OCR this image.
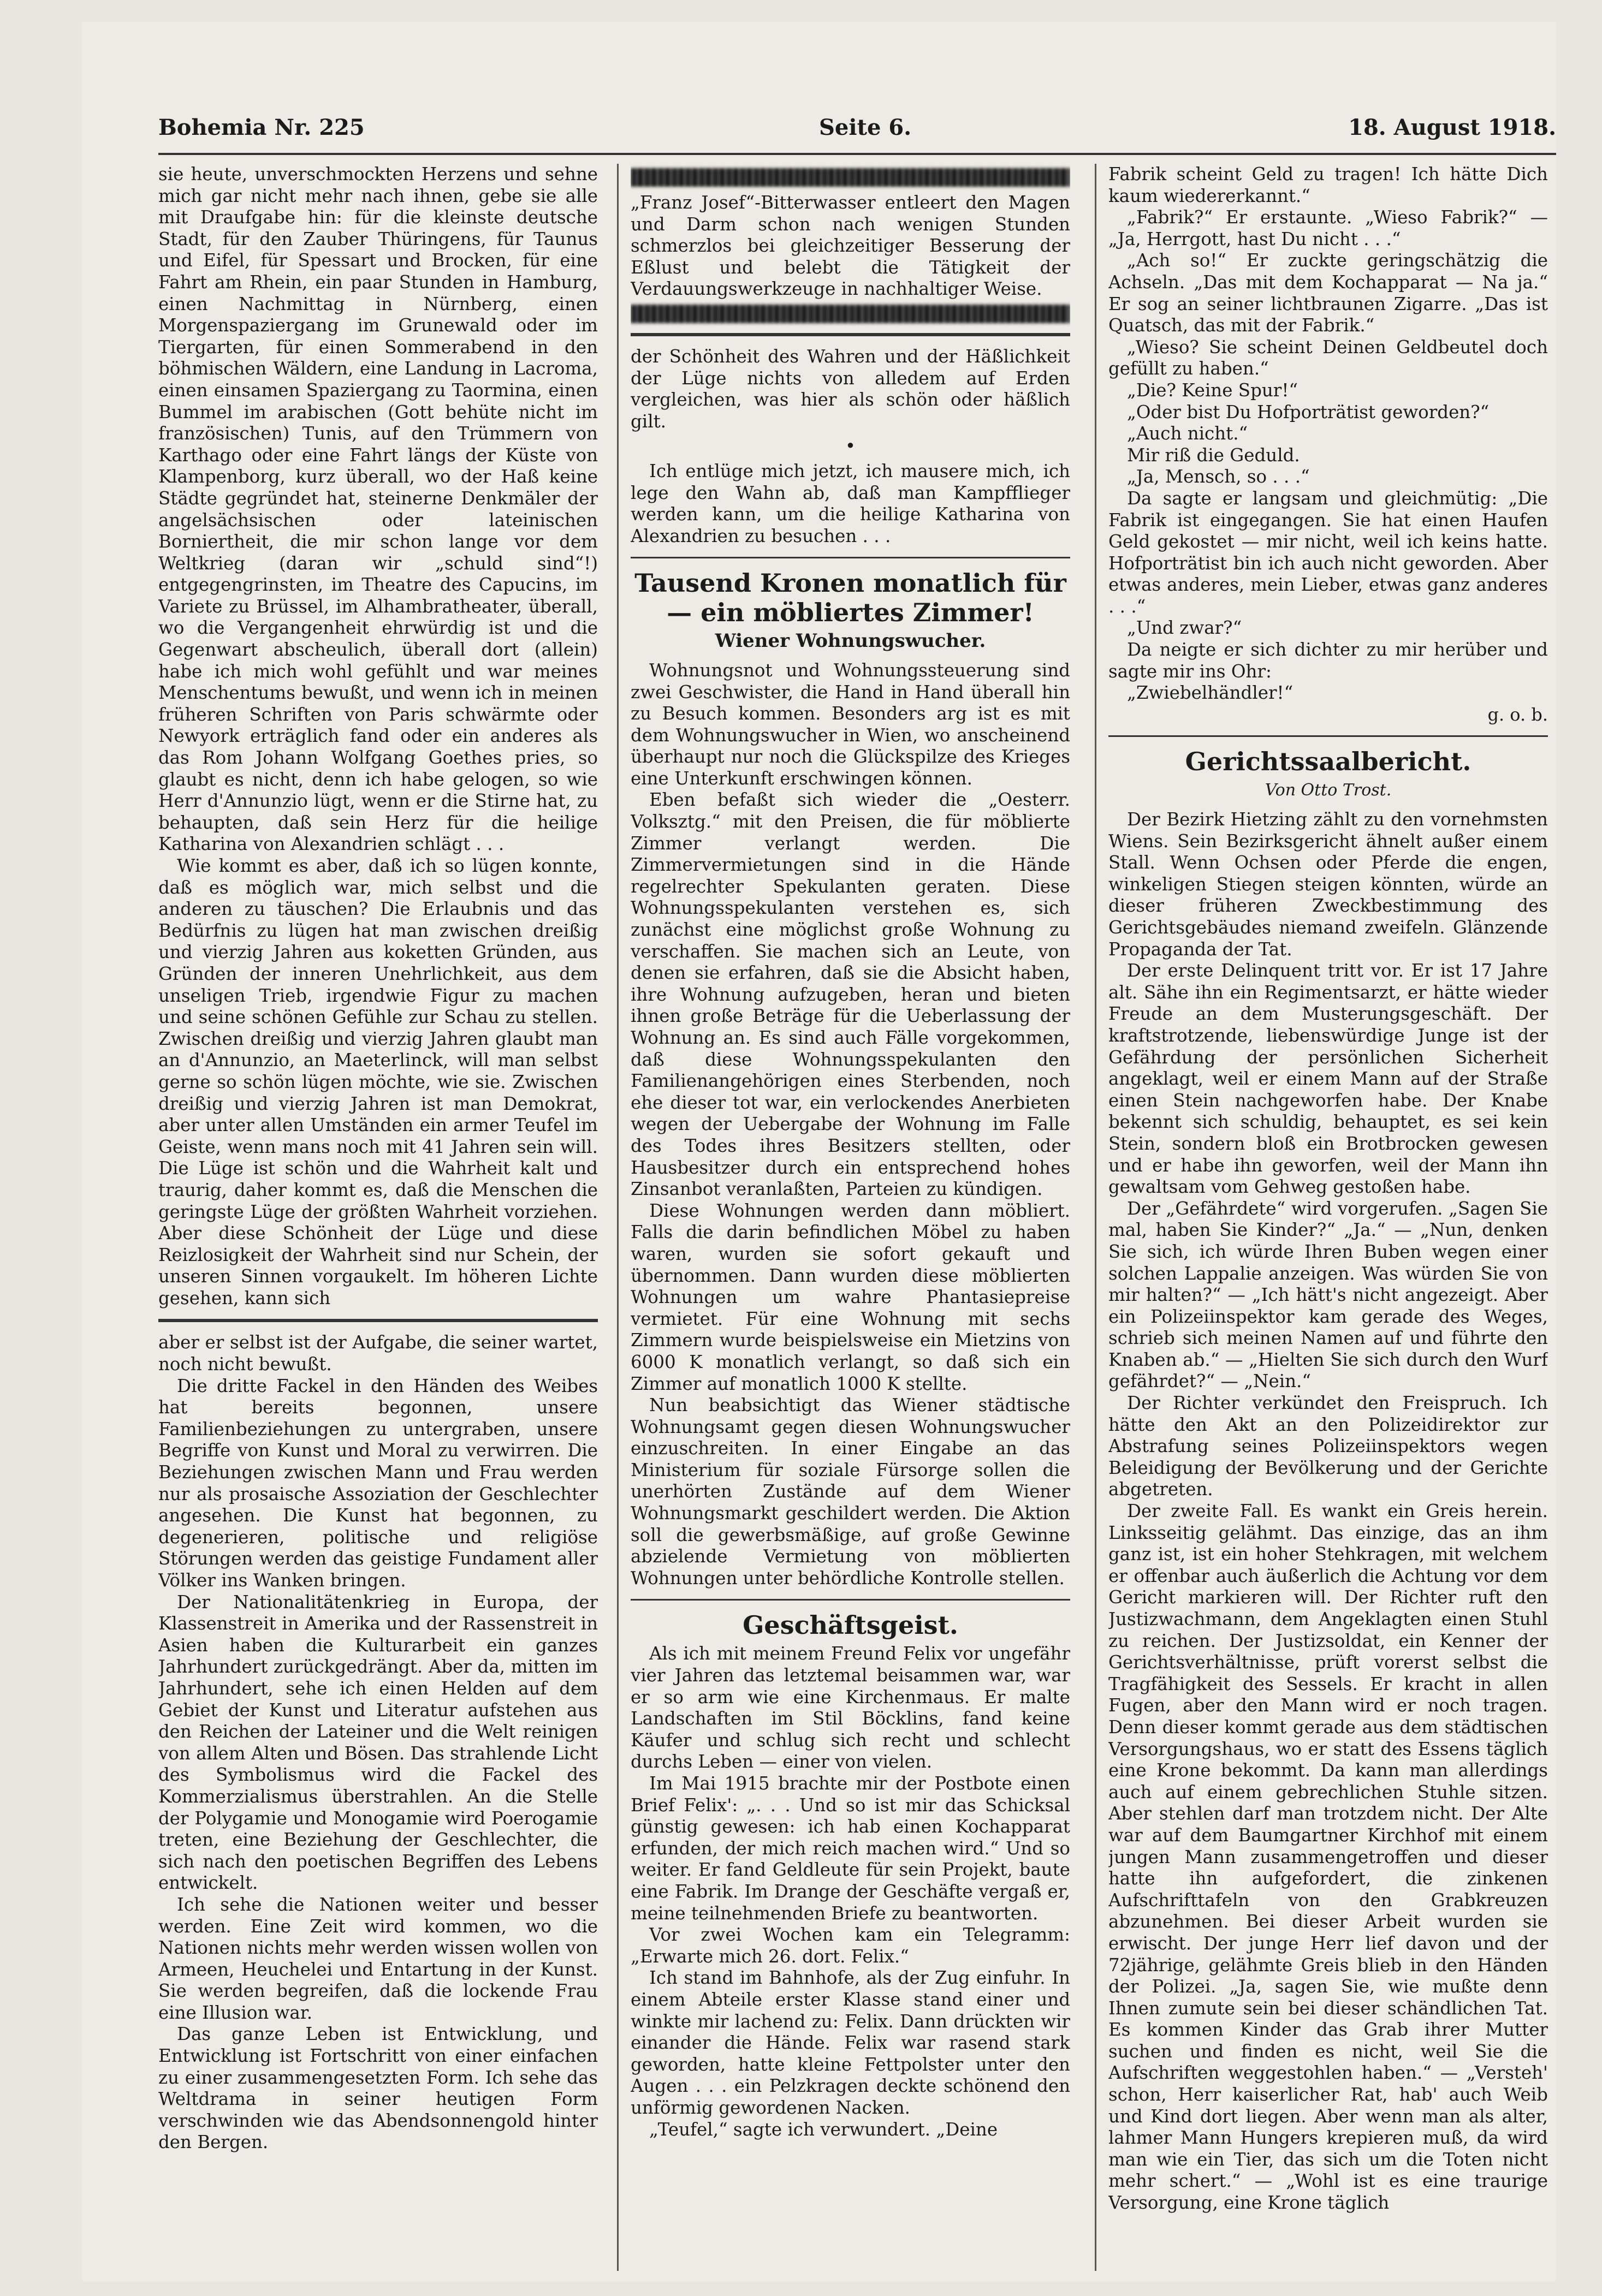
Bohemia Nr. 225	Seite 6.	18. August 1918.

sie heute, unverschmockten Herzens und sehne mich gar nicht mehr nach ihnen, gebe sie alle mit Draufgabe hin: für die kleinste deutsche Stadt, für den Zauber Thüringens, für Taunus und Eifel, für Spessart und Brocken, für eine Fahrt am Rhein, ein paar Stunden in Hamburg, einen Nachmittag in Nürnberg, einen Morgenspaziergang im Grunewald oder im Tiergarten, für einen Sommerabend in den böhmischen Wäldern, eine Landung in Lacroma, einen einsamen Spaziergang zu Taormina, einen Bummel im arabischen (Gott behüte nicht im französischen) Tunis, auf den Trümmern von Karthago oder eine Fahrt längs der Küste von Klampenborg, kurz überall, wo der Haß keine Städte gegründet hat, steinerne Denkmäler der angelsächsischen oder lateinischen Borniertheit, die mir schon lange vor dem Weltkrieg (daran wir „schuld sind“!) entgegengrinsten, im Theatre des Capucins, im Variete zu Brüssel, im Alhambratheater, überall, wo die Vergangenheit ehrwürdig ist und die Gegenwart abscheulich, überall dort (allein) habe ich mich wohl gefühlt und war meines Menschentums bewußt, und wenn ich in meinen früheren Schriften von Paris schwärmte oder Newyork erträglich fand oder ein anderes als das Rom Johann Wolfgang Goethes pries, so glaubt es nicht, denn ich habe gelogen, so wie Herr d'Annunzio lügt, wenn er die Stirne hat, zu behaupten, daß sein Herz für die heilige Katharina von Alexandrien schlägt . . .

Wie kommt es aber, daß ich so lügen konnte, daß es möglich war, mich selbst und die anderen zu täuschen? Die Erlaubnis und das Bedürfnis zu lügen hat man zwischen dreißig und vierzig Jahren aus koketten Gründen, aus Gründen der inneren Unehrlichkeit, aus dem unseligen Trieb, irgendwie Figur zu machen und seine schönen Gefühle zur Schau zu stellen. Zwischen dreißig und vierzig Jahren glaubt man an d'Annunzio, an Maeterlinck, will man selbst gerne so schön lügen möchte, wie sie. Zwischen dreißig und vierzig Jahren ist man Demokrat, aber unter allen Umständen ein armer Teufel im Geiste, wenn mans noch mit 41 Jahren sein will. Die Lüge ist schön und die Wahrheit kalt und traurig, daher kommt es, daß die Menschen die geringste Lüge der größten Wahrheit vorziehen. Aber diese Schönheit der Lüge und diese Reizlosigkeit der Wahrheit sind nur Schein, der unseren Sinnen vorgaukelt. Im höheren Lichte gesehen, kann sich

aber er selbst ist der Aufgabe, die seiner wartet, noch nicht bewußt.

Die dritte Fackel in den Händen des Weibes hat bereits begonnen, unsere Familienbeziehungen zu untergraben, unsere Begriffe von Kunst und Moral zu verwirren. Die Beziehungen zwischen Mann und Frau werden nur als prosaische Assoziation der Geschlechter angesehen. Die Kunst hat begonnen, zu degenerieren, politische und religiöse Störungen werden das geistige Fundament aller Völker ins Wanken bringen.

Der Nationalitätenkrieg in Europa, der Klassenstreit in Amerika und der Rassenstreit in Asien haben die Kulturarbeit ein ganzes Jahrhundert zurückgedrängt. Aber da, mitten im Jahrhundert, sehe ich einen Helden auf dem Gebiet der Kunst und Literatur aufstehen aus den Reichen der Lateiner und die Welt reinigen von allem Alten und Bösen. Das strahlende Licht des Symbolismus wird die Fackel des Kommerzialismus überstrahlen. An die Stelle der Polygamie und Monogamie wird Poerogamie treten, eine Beziehung der Geschlechter, die sich nach den poetischen Begriffen des Lebens entwickelt.

Ich sehe die Nationen weiter und besser werden. Eine Zeit wird kommen, wo die Nationen nichts mehr werden wissen wollen von Armeen, Heuchelei und Entartung in der Kunst. Sie werden begreifen, daß die lockende Frau eine Illusion war.

Das ganze Leben ist Entwicklung, und Entwicklung ist Fortschritt von einer einfachen zu einer zusammengesetzten Form. Ich sehe das Weltdrama in seiner heutigen Form verschwinden wie das Abendsonnengold hinter den Bergen.

„Franz Josef“-Bitterwasser entleert den Magen und Darm schon nach wenigen Stunden schmerzlos bei gleichzeitiger Besserung der Eßlust und belebt die Tätigkeit der Verdauungswerkzeuge in nachhaltiger Weise.

der Schönheit des Wahren und der Häßlichkeit der Lüge nichts von alledem auf Erden vergleichen, was hier als schön oder häßlich gilt.

•

Ich entlüge mich jetzt, ich mausere mich, ich lege den Wahn ab, daß man Kampfflieger werden kann, um die heilige Katharina von Alexandrien zu besuchen . . .

Tausend Kronen monatlich für — ein möbliertes Zimmer!
Wiener Wohnungswucher.

Wohnungsnot und Wohnungssteuerung sind zwei Geschwister, die Hand in Hand überall hin zu Besuch kommen. Besonders arg ist es mit dem Wohnungswucher in Wien, wo anscheinend überhaupt nur noch die Glückspilze des Krieges eine Unterkunft erschwingen können.

Eben befaßt sich wieder die „Oesterr. Volksztg.“ mit den Preisen, die für möblierte Zimmer verlangt werden. Die Zimmervermietungen sind in die Hände regelrechter Spekulanten geraten. Diese Wohnungsspekulanten verstehen es, sich zunächst eine möglichst große Wohnung zu verschaffen. Sie machen sich an Leute, von denen sie erfahren, daß sie die Absicht haben, ihre Wohnung aufzugeben, heran und bieten ihnen große Beträge für die Ueberlassung der Wohnung an. Es sind auch Fälle vorgekommen, daß diese Wohnungsspekulanten den Familienangehörigen eines Sterbenden, noch ehe dieser tot war, ein verlockendes Anerbieten wegen der Uebergabe der Wohnung im Falle des Todes ihres Besitzers stellten, oder Hausbesitzer durch ein entsprechend hohes Zinsanbot veranlaßten, Parteien zu kündigen.

Diese Wohnungen werden dann möbliert. Falls die darin befindlichen Möbel zu haben waren, wurden sie sofort gekauft und übernommen. Dann wurden diese möblierten Wohnungen um wahre Phantasiepreise vermietet. Für eine Wohnung mit sechs Zimmern wurde beispielsweise ein Mietzins von 6000 K monatlich verlangt, so daß sich ein Zimmer auf monatlich 1000 K stellte.

Nun beabsichtigt das Wiener städtische Wohnungsamt gegen diesen Wohnungswucher einzuschreiten. In einer Eingabe an das Ministerium für soziale Fürsorge sollen die unerhörten Zustände auf dem Wiener Wohnungsmarkt geschildert werden. Die Aktion soll die gewerbsmäßige, auf große Gewinne abzielende Vermietung von möblierten Wohnungen unter behördliche Kontrolle stellen.

Geschäftsgeist.

Als ich mit meinem Freund Felix vor ungefähr vier Jahren das letztemal beisammen war, war er so arm wie eine Kirchenmaus. Er malte Landschaften im Stil Böcklins, fand keine Käufer und schlug sich recht und schlecht durchs Leben — einer von vielen.

Im Mai 1915 brachte mir der Postbote einen Brief Felix': „. . . Und so ist mir das Schicksal günstig gewesen: ich hab einen Kochapparat erfunden, der mich reich machen wird.“ Und so weiter. Er fand Geldleute für sein Projekt, baute eine Fabrik. Im Drange der Geschäfte vergaß er, meine teilnehmenden Briefe zu beantworten.

Vor zwei Wochen kam ein Telegramm: „Erwarte mich 26. dort. Felix.“

Ich stand im Bahnhofe, als der Zug einfuhr. In einem Abteile erster Klasse stand einer und winkte mir lachend zu: Felix. Dann drückten wir einander die Hände. Felix war rasend stark geworden, hatte kleine Fettpolster unter den Augen . . . ein Pelzkragen deckte schönend den unförmig gewordenen Nacken.

„Teufel,“ sagte ich verwundert. „Deine

Fabrik scheint Geld zu tragen! Ich hätte Dich kaum wiedererkannt.“

„Fabrik?“ Er erstaunte. „Wieso Fabrik?“ — „Ja, Herrgott, hast Du nicht . . .“

„Ach so!“ Er zuckte geringschätzig die Achseln. „Das mit dem Kochapparat — Na ja.“ Er sog an seiner lichtbraunen Zigarre. „Das ist Quatsch, das mit der Fabrik.“

„Wieso? Sie scheint Deinen Geldbeutel doch gefüllt zu haben.“

„Die? Keine Spur!“

„Oder bist Du Hofporträtist geworden?“

„Auch nicht.“

Mir riß die Geduld.

„Ja, Mensch, so . . .“

Da sagte er langsam und gleichmütig: „Die Fabrik ist eingegangen. Sie hat einen Haufen Geld gekostet — mir nicht, weil ich keins hatte. Hofporträtist bin ich auch nicht geworden. Aber etwas anderes, mein Lieber, etwas ganz anderes . . .“

„Und zwar?“

Da neigte er sich dichter zu mir herüber und sagte mir ins Ohr:

„Zwiebelhändler!“

g. o. b.
Gerichtssaalbericht.
Von Otto Trost.

Der Bezirk Hietzing zählt zu den vornehmsten Wiens. Sein Bezirksgericht ähnelt außer einem Stall. Wenn Ochsen oder Pferde die engen, winkeligen Stiegen steigen könnten, würde an dieser früheren Zweckbestimmung des Gerichtsgebäudes niemand zweifeln. Glänzende Propaganda der Tat.

Der erste Delinquent tritt vor. Er ist 17 Jahre alt. Sähe ihn ein Regimentsarzt, er hätte wieder Freude an dem Musterungsgeschäft. Der kraftstrotzende, liebenswürdige Junge ist der Gefährdung der persönlichen Sicherheit angeklagt, weil er einem Mann auf der Straße einen Stein nachgeworfen habe. Der Knabe bekennt sich schuldig, behauptet, es sei kein Stein, sondern bloß ein Brotbrocken gewesen und er habe ihn geworfen, weil der Mann ihn gewaltsam vom Gehweg gestoßen habe.

Der „Gefährdete“ wird vorgerufen. „Sagen Sie mal, haben Sie Kinder?“ „Ja.“ — „Nun, denken Sie sich, ich würde Ihren Buben wegen einer solchen Lappalie anzeigen. Was würden Sie von mir halten?“ — „Ich hätt's nicht angezeigt. Aber ein Polizeiinspektor kam gerade des Weges, schrieb sich meinen Namen auf und führte den Knaben ab.“ — „Hielten Sie sich durch den Wurf gefährdet?“ — „Nein.“

Der Richter verkündet den Freispruch. Ich hätte den Akt an den Polizeidirektor zur Abstrafung seines Polizeiinspektors wegen Beleidigung der Bevölkerung und der Gerichte abgetreten.

Der zweite Fall. Es wankt ein Greis herein. Linksseitig gelähmt. Das einzige, das an ihm ganz ist, ist ein hoher Stehkragen, mit welchem er offenbar auch äußerlich die Achtung vor dem Gericht markieren will. Der Richter ruft den Justizwachmann, dem Angeklagten einen Stuhl zu reichen. Der Justizsoldat, ein Kenner der Gerichtsverhältnisse, prüft vorerst selbst die Tragfähigkeit des Sessels. Er kracht in allen Fugen, aber den Mann wird er noch tragen. Denn dieser kommt gerade aus dem städtischen Versorgungshaus, wo er statt des Essens täglich eine Krone bekommt. Da kann man allerdings auch auf einem gebrechlichen Stuhle sitzen. Aber stehlen darf man trotzdem nicht. Der Alte war auf dem Baumgartner Kirchhof mit einem jungen Mann zusammengetroffen und dieser hatte ihn aufgefordert, die zinkenen Aufschrifttafeln von den Grabkreuzen abzunehmen. Bei dieser Arbeit wurden sie erwischt. Der junge Herr lief davon und der 72jährige, gelähmte Greis blieb in den Händen der Polizei. „Ja, sagen Sie, wie mußte denn Ihnen zumute sein bei dieser schändlichen Tat. Es kommen Kinder das Grab ihrer Mutter suchen und finden es nicht, weil Sie die Aufschriften weggestohlen haben.“ — „Versteh' schon, Herr kaiserlicher Rat, hab' auch Weib und Kind dort liegen. Aber wenn man als alter, lahmer Mann Hungers krepieren muß, da wird man wie ein Tier, das sich um die Toten nicht mehr schert.“ — „Wohl ist es eine traurige Versorgung, eine Krone täglich
